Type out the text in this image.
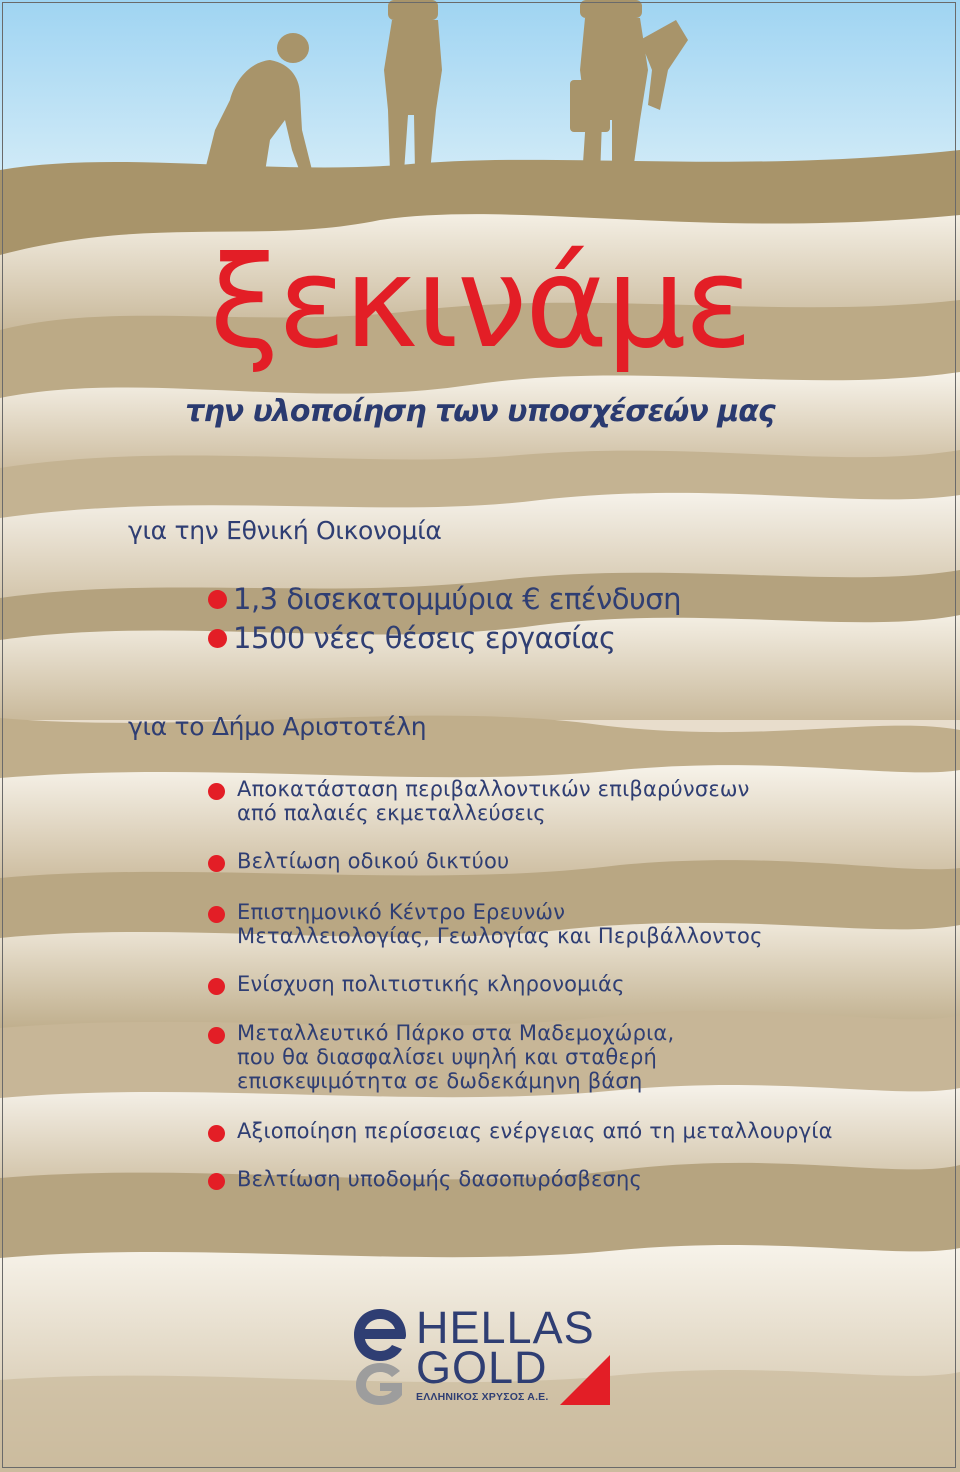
ξεκινάμε
την υλοποίηση των υποσχέσεών μας
για την Εθνική Οικονομία
1,3 δισεκατομμύρια € επένδυση
1500 νέες θέσεις εργασίας
για το Δήμο Αριστοτέλη
Αποκατάσταση περιβαλλοντικών επιβαρύνσεων
από παλαιές εκμεταλλεύσεις
Βελτίωση οδικού δικτύου
Επιστημονικό Κέντρο Ερευνών
Μεταλλειολογίας, Γεωλογίας και Περιβάλλοντος
Ενίσχυση πολιτιστικής κληρονομιάς
Μεταλλευτικό Πάρκο στα Μαδεμοχώρια,
που θα διασφαλίσει υψηλή και σταθερή
επισκεψιμότητα σε δωδεκάμηνη βάση
Αξιοποίηση περίσσειας ενέργειας από τη μεταλλουργία
Βελτίωση υποδομής δασοπυρόσβεσης
HELLAS
GOLD
ΕΛΛΗΝΙΚΟΣ ΧΡΥΣΟΣ Α.Ε.
